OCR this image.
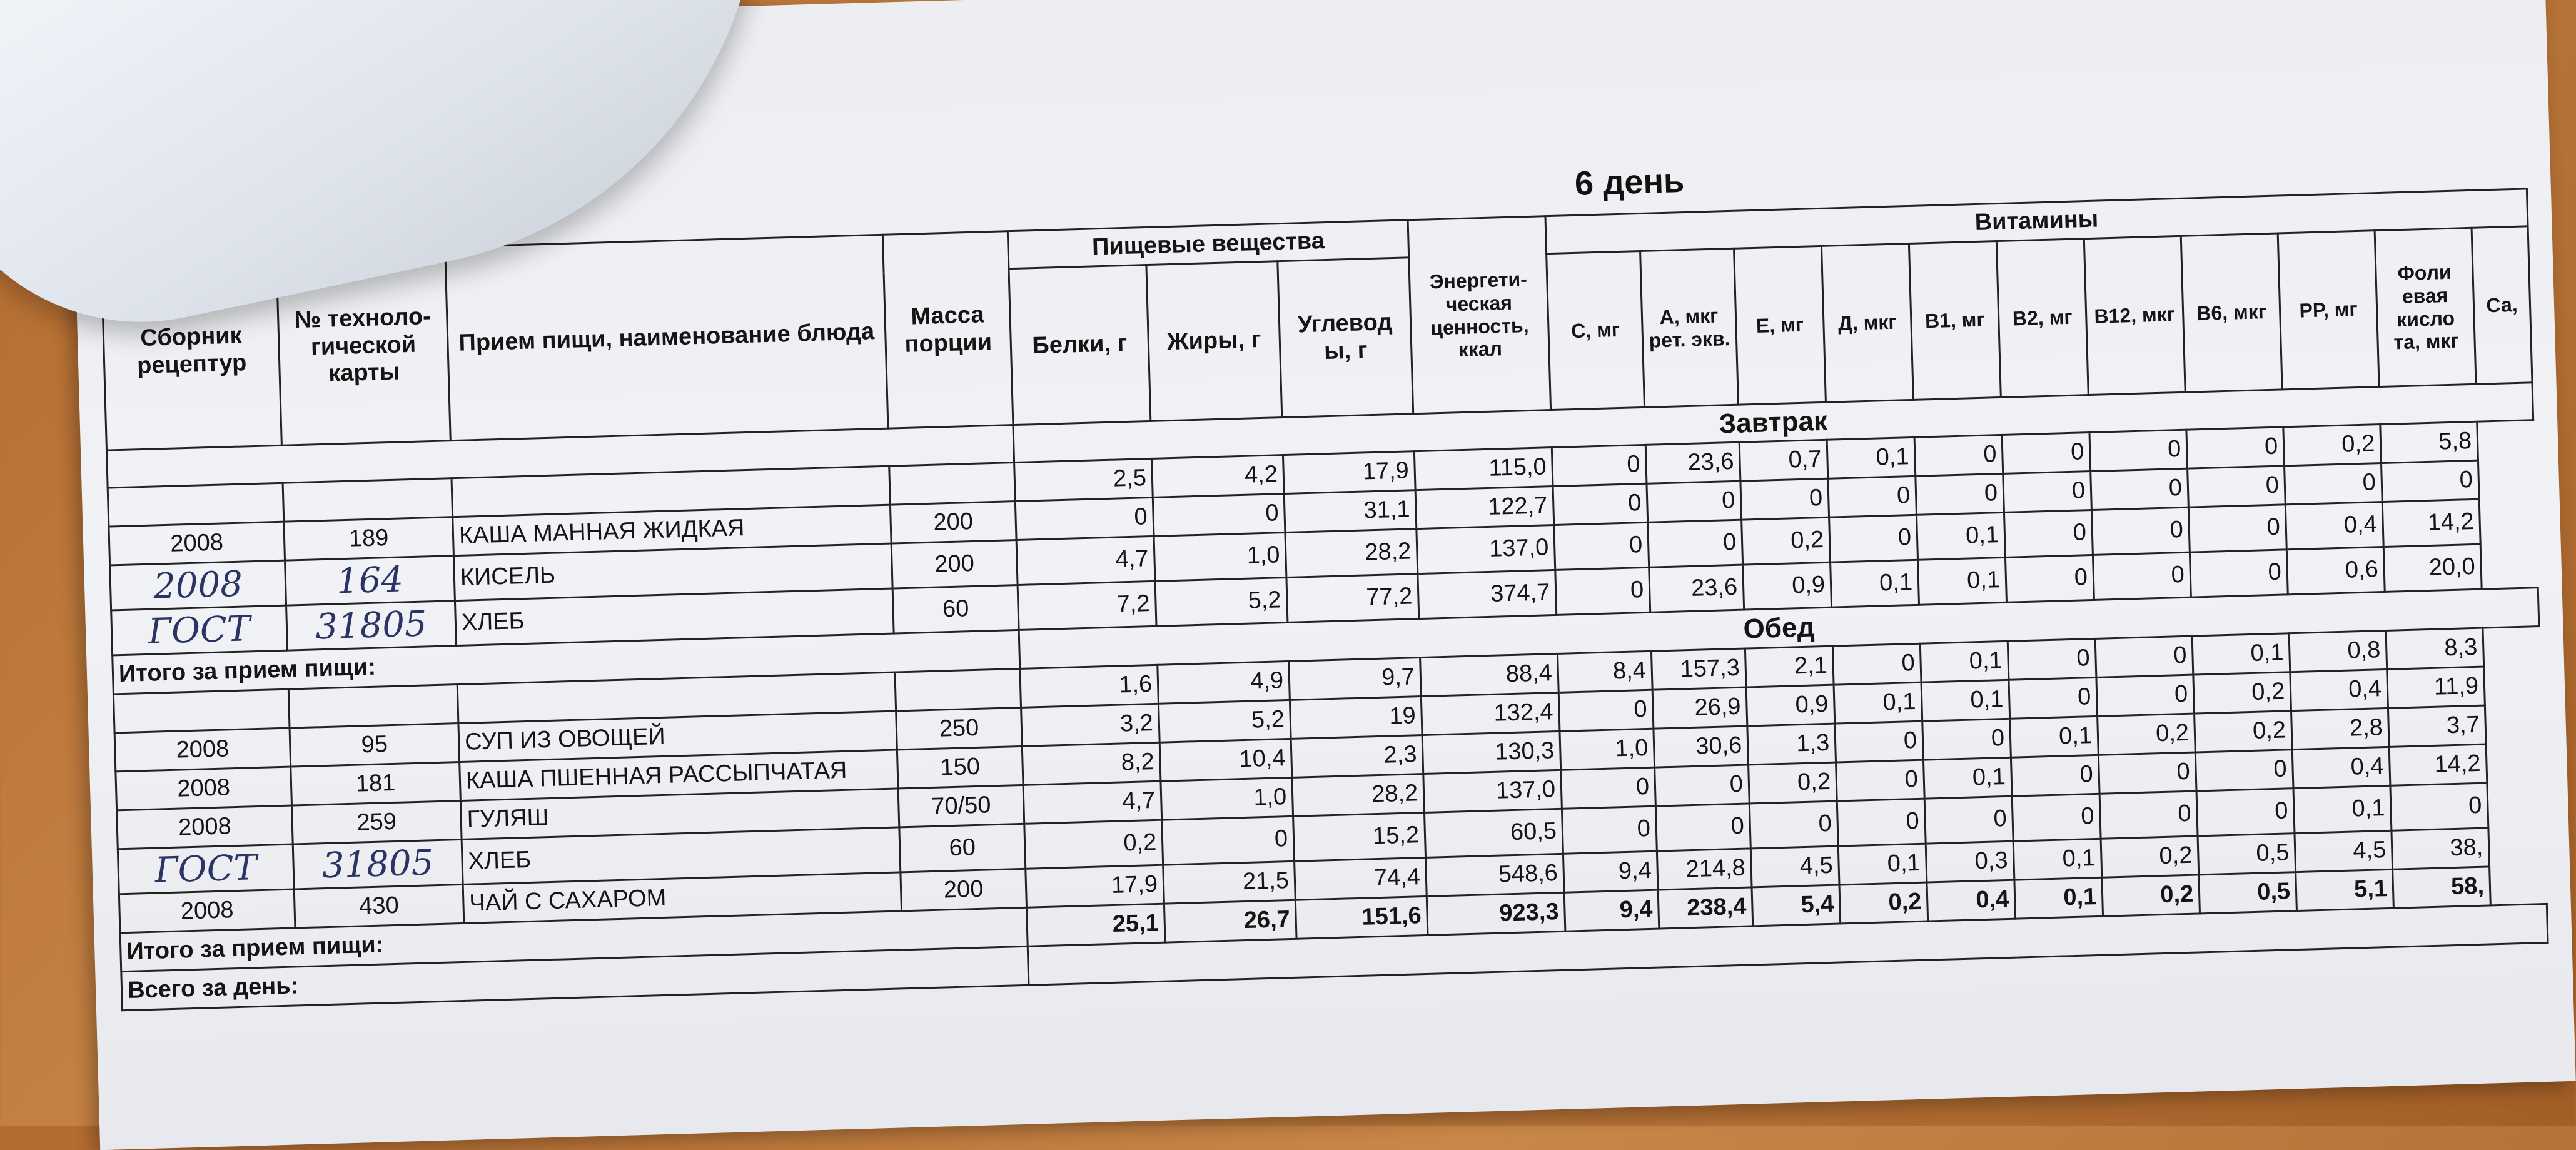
6 день
Сборник рецептур	№ техноло-гической карты	Прием пищи, наименование блюда	Масса порции	Пищевые вещества			Энергети-ческая ценность, ккал	Витамины										
				Белки, г	Жиры, г	Углевод ы, г		С, мг	А, мкг рет. экв.	Е, мг	Д, мкг	В1, мг	В2, мг	В12, мкг	В6, мкг	РР, мг	Фоли евая кисло та, мкг	Са,
				Завтрак														
				2,5	4,2	17,9	115,0	0	23,6	0,7	0,1	0	0	0	0	0,2	5,8	
2008	189	КАША МАННАЯ ЖИДКАЯ	200	0	0	31,1	122,7	0	0	0	0	0	0	0	0	0	0	
2008	164	КИСЕЛЬ	200	4,7	1,0	28,2	137,0	0	0	0,2	0	0,1	0	0	0	0,4	14,2	
ГОСТ	31805	ХЛЕБ	60	7,2	5,2	77,2	374,7	0	23,6	0,9	0,1	0,1	0	0	0	0,6	20,0	
Итого за прием пищи:				Обед														
				1,6	4,9	9,7	88,4	8,4	157,3	2,1	0	0,1	0	0	0,1	0,8	8,3	
2008	95	СУП ИЗ ОВОЩЕЙ	250	3,2	5,2	19	132,4	0	26,9	0,9	0,1	0,1	0	0	0,2	0,4	11,9	
2008	181	КАША ПШЕННАЯ РАССЫПЧАТАЯ	150	8,2	10,4	2,3	130,3	1,0	30,6	1,3	0	0	0,1	0,2	0,2	2,8	3,7	
2008	259	ГУЛЯШ	70/50	4,7	1,0	28,2	137,0	0	0	0,2	0	0,1	0	0	0	0,4	14,2	
ГОСТ	31805	ХЛЕБ	60	0,2	0	15,2	60,5	0	0	0	0	0	0	0	0	0,1	0	
2008	430	ЧАЙ С САХАРОМ	200	17,9	21,5	74,4	548,6	9,4	214,8	4,5	0,1	0,3	0,1	0,2	0,5	4,5	38,	
Итого за прием пищи:				25,1	26,7	151,6	923,3	9,4	238,4	5,4	0,2	0,4	0,1	0,2	0,5	5,1	58,	
Всего за день:																		
